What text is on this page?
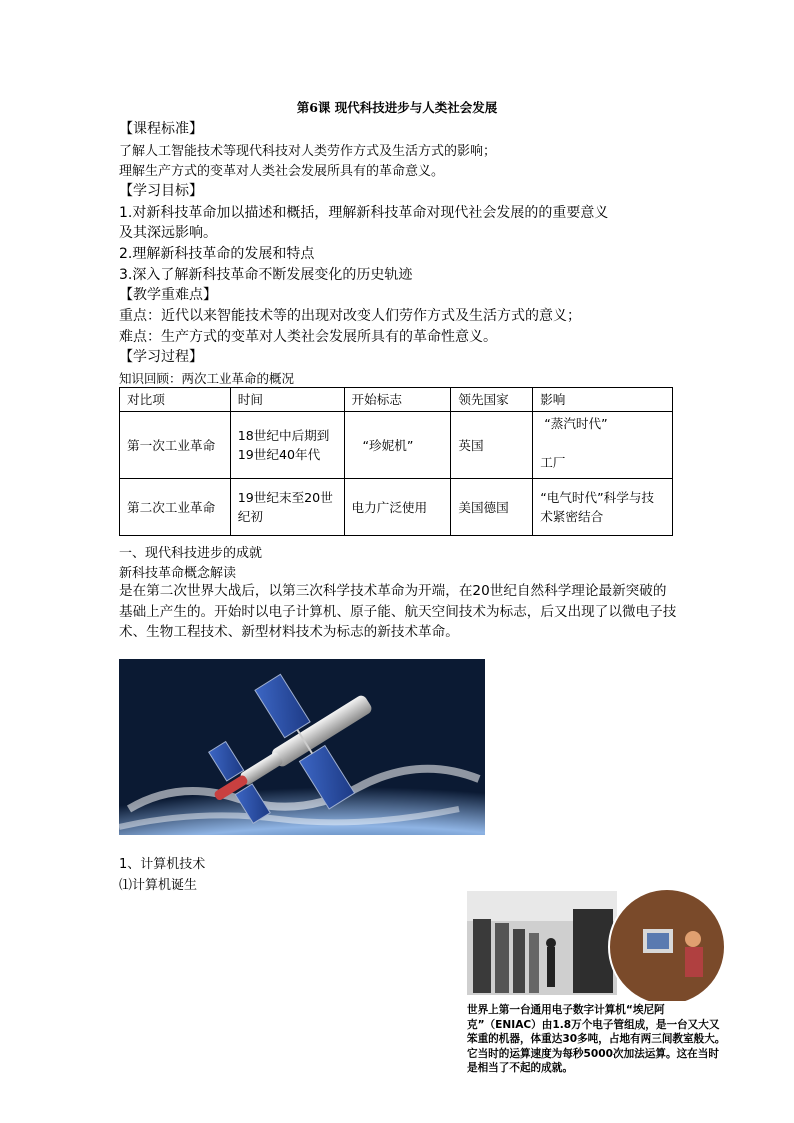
第6课 现代科技进步与人类社会发展
【课程标准】
了解人工智能技术等现代科技对人类劳作方式及生活方式的影响；
理解生产方式的变革对人类社会发展所具有的革命意义。
【学习目标】
1.对新科技革命加以描述和概括，理解新科技革命对现代社会发展的的重要意义
及其深远影响。
2.理解新科技革命的发展和特点
3.深入了解新科技革命不断发展变化的历史轨迹
【教学重难点】
重点：近代以来智能技术等的出现对改变人们劳作方式及生活方式的意义；
难点：生产方式的变革对人类社会发展所具有的革命性意义。
【学习过程】
知识回顾：两次工业革命的概况
对比项	时间	开始标志	领先国家	影响
第一次工业革命	18世纪中后期到19世纪40年代	“珍妮机”	英国	“蒸汽时代”
工厂

第二次工业革命	19世纪末至20世纪初	电力广泛使用	美国德国	“电气时代”科学与技术紧密结合
一、现代科技进步的成就
新科技革命概念解读
是在第二次世界大战后，以第三次科学技术革命为开端，在20世纪自然科学理论最新突破的基础上产生的。开始时以电子计算机、原子能、航天空间技术为标志，后又出现了以微电子技术、生物工程技术、新型材料技术为标志的新技术革命。
1、计算机技术
⑴计算机诞生
世界上第一台通用电子数字计算机“埃尼阿克”（ENIAC）由1.8万个电子管组成，是一台又大又笨重的机器，体重达30多吨，占地有两三间教室般大。它当时的运算速度为每秒5000次加法运算。这在当时是相当了不起的成就。
